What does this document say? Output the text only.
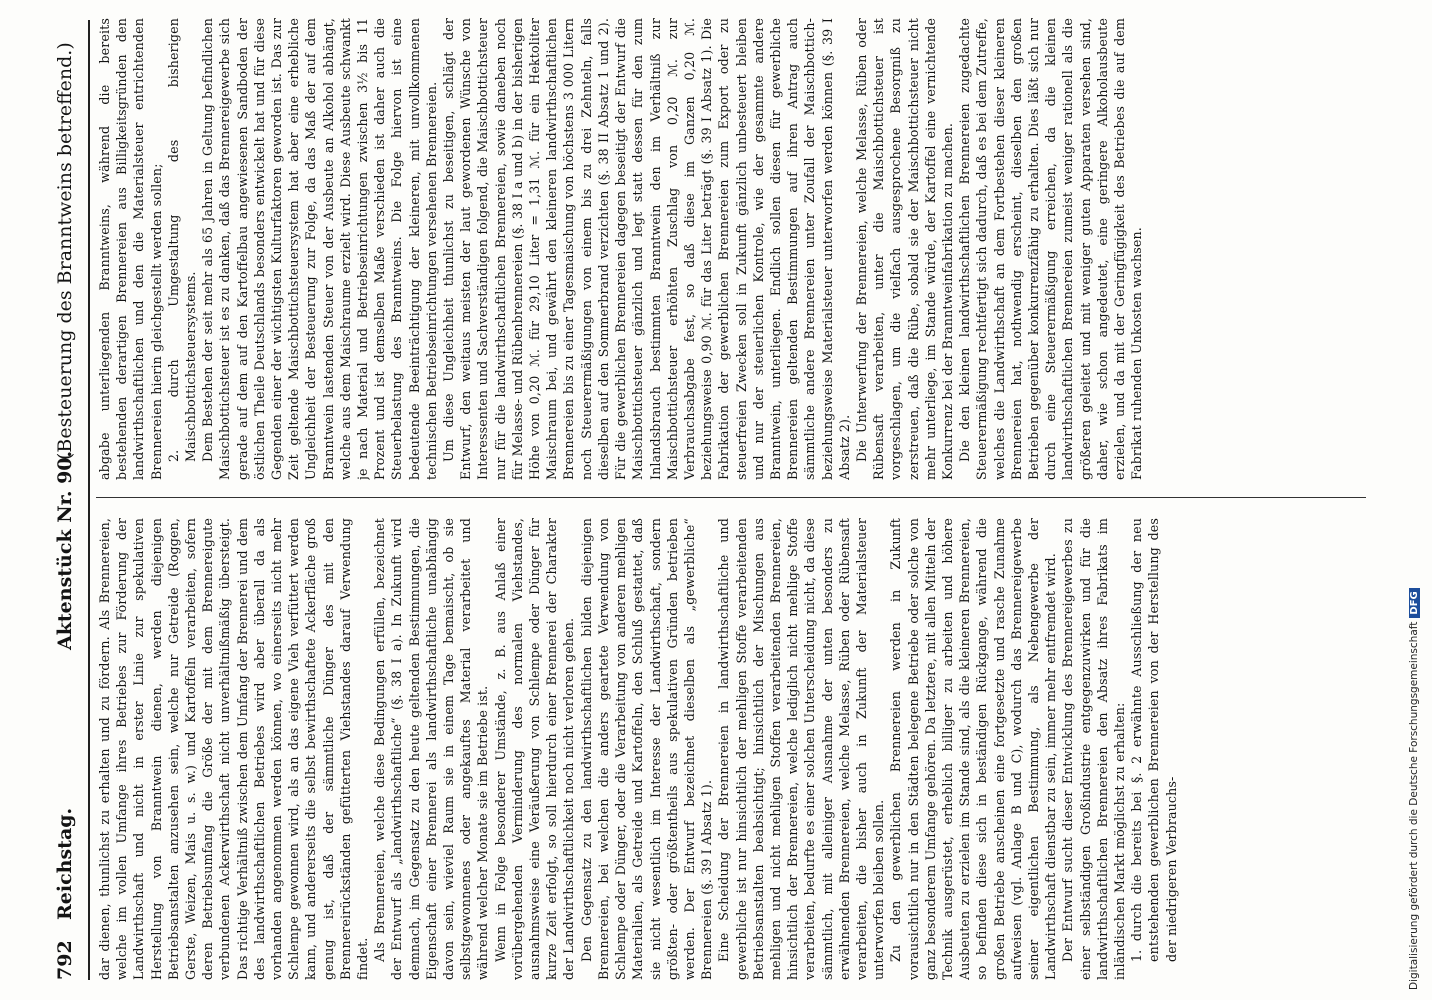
792
Reichstag.
Aktenstück Nr. 90.
(Besteuerung des Branntweins betreffend.)

dar dienen, thunlichst zu erhalten und zu fördern. Als Brennereien, welche im vollen Umfange ihres Betriebes zur Förderung der Landwirthschaft und nicht in erster Linie zur spekulativen Herstellung von Branntwein dienen, werden diejenigen Betriebsanstalten anzusehen sein, welche nur Getreide (Roggen, Gerste, Weizen, Mais u. s. w.) und Kartoffeln verarbeiten, sofern deren Betriebsumfang die Größe der mit dem Brennereigute verbundenen Ackerwirthschaft nicht unverhältnißmäßig übersteigt. Das richtige Verhältniß zwischen dem Umfang der Brennerei und dem des landwirthschaftlichen Betriebes wird aber überall da als vorhanden angenommen werden können, wo einerseits nicht mehr Schlempe gewonnen wird, als an das eigene Vieh verfüttert werden kann, und andererseits die selbst bewirthschaftete Ackerfläche groß genug ist, daß der sämmtliche Dünger des mit den Brennereirückständen gefütterten Viehstandes darauf Verwendung findet. Als Brennereien, welche diese Bedingungen erfüllen, bezeichnet der Entwurf als „landwirthschaftliche“ (§. 38 I a). In Zukunft wird demnach, im Gegensatz zu den heute geltenden Bestimmungen, die Eigenschaft einer Brennerei als landwirthschaftliche unabhängig davon sein, wieviel Raum sie in einem Tage bemaischt, ob sie selbstgewonnenes oder angekauftes Material verarbeitet und während welcher Monate sie im Betriebe ist. Wenn in Folge besonderer Umstände, z. B. aus Anlaß einer vorübergehenden Verminderung des normalen Viehstandes, ausnahmsweise eine Veräußerung von Schlempe oder Dünger für kurze Zeit erfolgt, so soll hierdurch einer Brennerei der Charakter der Landwirthschaftlichkeit noch nicht verloren gehen. Den Gegensatz zu den landwirthschaftlichen bilden diejenigen Brennereien, bei welchen die anders geartete Verwendung von Schlempe oder Dünger, oder die Verarbeitung von anderen mehligen Materialien, als Getreide und Kartoffeln, den Schluß gestattet, daß sie nicht wesentlich im Interesse der Landwirthschaft, sondern größten- oder größtentheils aus spekulativen Gründen betrieben werden. Der Entwurf bezeichnet dieselben als „gewerbliche“ Brennereien (§. 39 I Absatz 1). Eine Scheidung der Brennereien in landwirthschaftliche und gewerbliche ist nur hinsichtlich der mehligen Stoffe verarbeitenden Betriebsanstalten beabsichtigt; hinsichtlich der Mischungen aus mehligen und nicht mehligen Stoffen verarbeitenden Brennereien, hinsichtlich der Brennereien, welche lediglich nicht mehlige Stoffe verarbeiten, bedurfte es einer solchen Unterscheidung nicht, da diese sämmtlich, mit alleiniger Ausnahme der unten besonders zu erwähnenden Brennereien, welche Melasse, Rüben oder Rübensaft verarbeiten, die bisher auch in Zukunft der Materialsteuer unterworfen bleiben sollen. Zu den gewerblichen Brennereien werden in Zukunft vorausichtlich nur in den Städten belegene Betriebe oder solche von ganz besonderem Umfange gehören. Da letztere, mit allen Mitteln der Technik ausgerüstet, erheblich billiger zu arbeiten und höhere Ausbeuten zu erzielen im Stande sind, als die kleineren Brennereien, so befinden diese sich in beständigen Rückgange, während die großen Betriebe anscheinen eine fortgesetzte und rasche Zunahme aufweisen (vgl. Anlage B und C), wodurch das Brennereigewerbe seiner eigentlichen Bestimmung, als Nebengewerbe der Landwirthschaft dienstbar zu sein, immer mehr entfremdet wird. Der Entwurf sucht dieser Entwicklung des Brennereigewerbes zu einer selbständigen Großindustrie entgegenzuwirken und für die landwirthschaftlichen Brennereien den Absatz ihres Fabrikats im inländischen Markt möglichst zu erhalten: 1. durch die bereits bei §. 2 erwähnte Ausschließung der neu entstehenden gewerblichen Brennereien von der Herstellung des der niedrigeren Verbrauchs-

abgabe unterliegenden Branntweins, während die bereits bestehenden derartigen Brennereien aus Billigkeitsgründen den landwirthschaftlichen und den die Materialsteuer entrichtenden Brennereien hierin gleichgestellt werden sollen; 2. durch Umgestaltung des bisherigen Maischbottichsteuersystems. Dem Bestehen der seit mehr als 65 Jahren in Geltung befindlichen Maischbottichsteuer ist es zu danken, daß das Brennereigewerbe sich gerade auf dem auf den Kartoffelbau angewiesenen Sandboden der östlichen Theile Deutschlands besonders entwickelt hat und für diese Gegenden einer der wichtigsten Kulturfaktoren geworden ist. Das zur Zeit geltende Maischbottichsteuersystem hat aber eine erhebliche Ungleichheit der Besteuerung zur Folge, da das Maß der auf dem Branntwein lastenden Steuer von der Ausbeute an Alkohol abhängt, welche aus dem Maischraume erzielt wird. Diese Ausbeute schwankt je nach Material und Betriebseinrichtungen zwischen 3½ bis 11 Prozent und ist demselben Maße verschieden ist daher auch die Steuerbelastung des Branntweins. Die Folge hiervon ist eine bedeutende Beeinträchtigung der kleineren, mit unvollkommenen technischen Betriebseinrichtungen versehenen Brennereien. Um diese Ungleichheit thunlichst zu beseitigen, schlägt der Entwurf, den weitaus meisten der laut gewordenen Wünsche von Interessenten und Sachverständigen folgend, die Maischbottichsteuer nur für die landwirthschaftlichen Brennereien, sowie daneben noch für Melasse- und Rübenbrennereien (§. 38 I a und b) in der bisherigen Höhe von 0,20 ℳ. für 29,10 Liter = 1,31 ℳ. für ein Hektoliter Maischraum bei, und gewährt den kleineren landwirthschaftlichen Brennereien bis zu einer Tagesmaischung von höchstens 3 000 Litern noch Steuerermäßigungen von einem bis zu drei Zehnteln, falls dieselben auf den Sommerbrand verzichten (§. 38 II Absatz 1 und 2). Für die gewerblichen Brennereien dagegen beseitigt der Entwurf die Maischbottichsteuer gänzlich und legt statt dessen für den zum Inlandsbrauch bestimmten Branntwein den im Verhältniß zur Maischbottichsteuer erhöhten Zuschlag von 0,20 ℳ. zur Verbrauchsabgabe fest, so daß diese im Ganzen 0,20 ℳ. beziehungsweise 0,90 ℳ. für das Liter beträgt (§. 39 I Absatz 1). Die Fabrikation der gewerblichen Brennereien zum Export oder zu steuerfreien Zwecken soll in Zukunft gänzlich unbesteuert bleiben und nur der steuerlichen Kontrole, wie der gesammte andere Branntwein, unterliegen. Endlich sollen diesen für gewerbliche Brennereien geltenden Bestimmungen auf ihren Antrag auch sämmtliche andere Brennereien unter Zoufall der Maischbottich- beziehungsweise Materialsteuer unterworfen werden können (§. 39 I Absatz 2). Die Unterwerfung der Brennereien, welche Melasse, Rüben oder Rübensaft verarbeiten, unter die Maischbottichsteuer ist vorgeschlagen, um die vielfach ausgesprochene Besorgniß zu zerstreuen, daß die Rübe, sobald sie der Maischbottichsteuer nicht mehr unterliege, im Stande würde, der Kartoffel eine vernichtende Konkurrenz bei der Branntweinfabrikation zu machen. Die den kleinen landwirthschaftlichen Brennereien zugedachte Steuerermäßigung rechtfertigt sich dadurch, daß es bei dem Zutreffe, welches die Landwirthschaft an dem Fortbestehen dieser kleineren Brennereien hat, nothwendig erscheint, dieselben den großen Betrieben gegenüber konkurrenzfähig zu erhalten. Dies läßt sich nur durch eine Steuerermäßigung erreichen, da die kleinen landwirthschaftlichen Brennereien zumeist weniger rationell als die größeren geleitet und mit weniger guten Apparaten versehen sind, daher, wie schon angedeutet, eine geringere Alkoholausbeute erzielen, und da mit der Geringfügigkeit des Betriebes die auf dem Fabrikat ruhenden Unkosten wachsen.

Digitalisierung gefördert durch die Deutsche ForschungsgemeinschaftDFG
